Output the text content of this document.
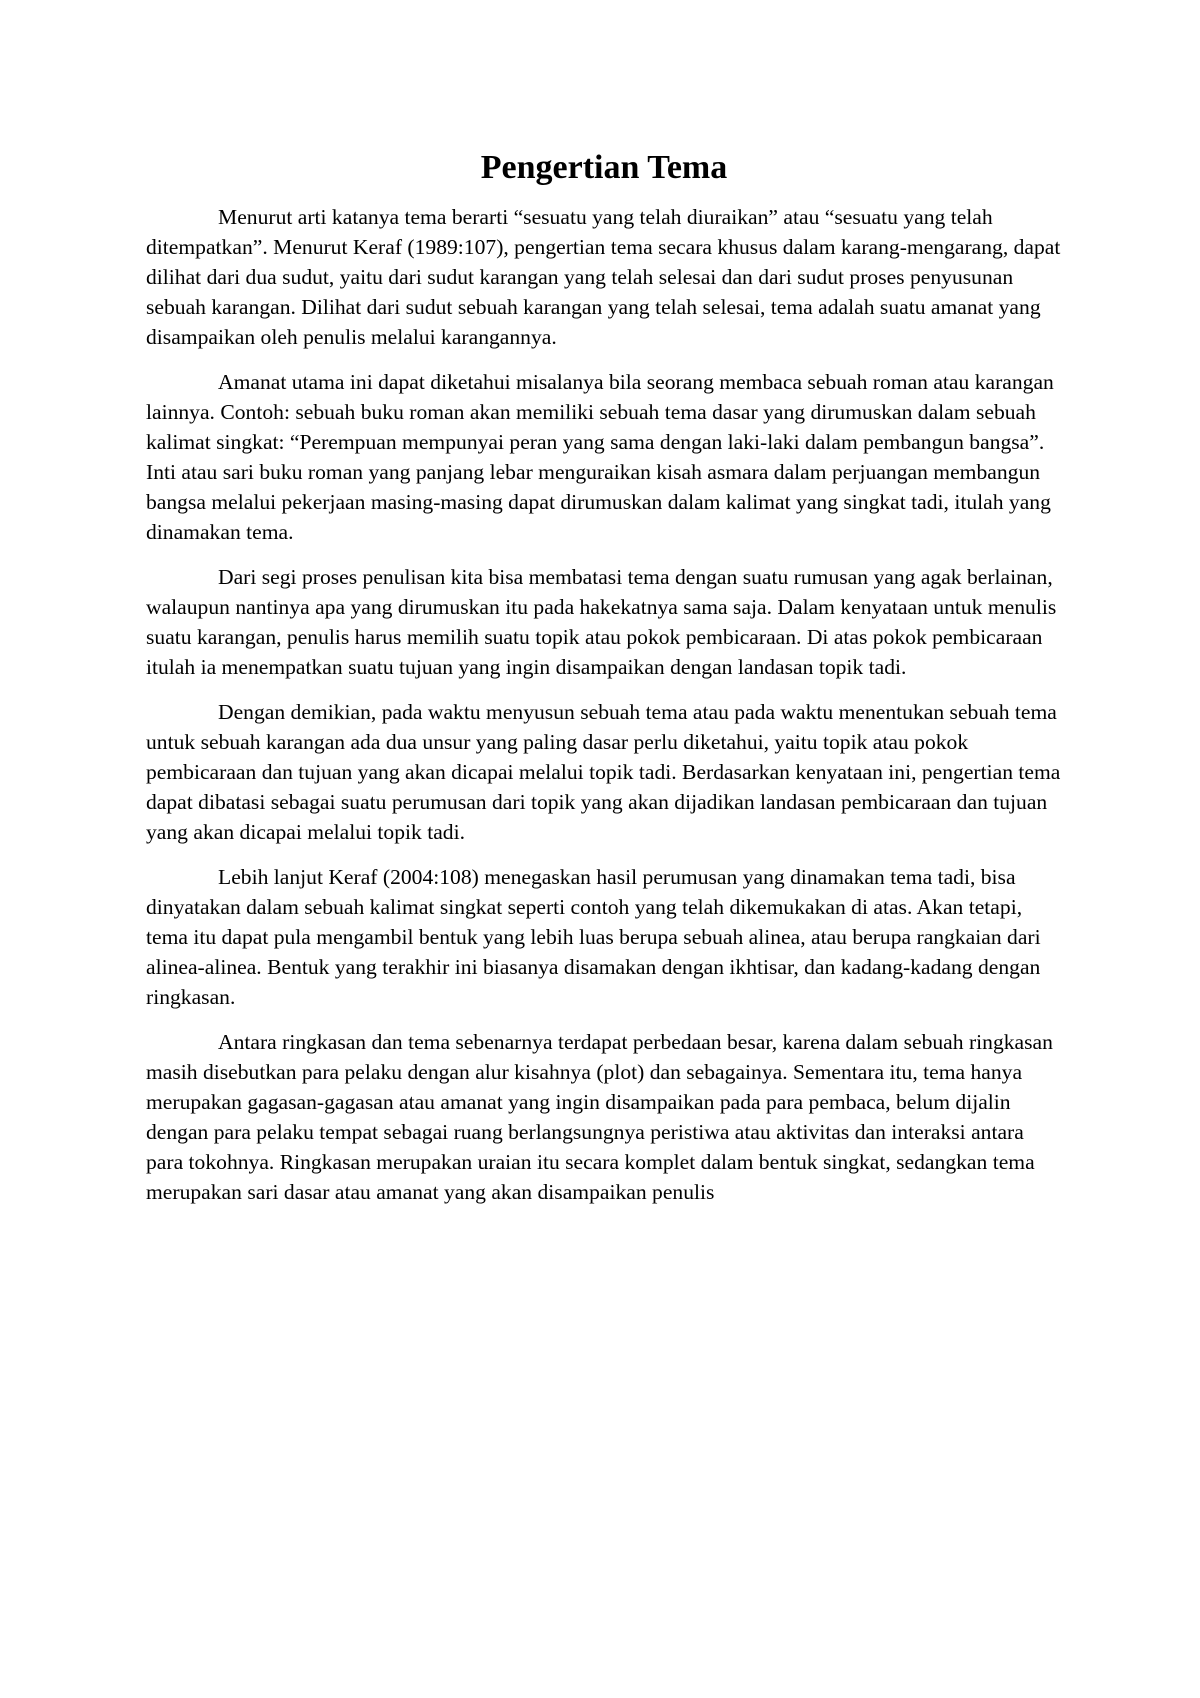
Pengertian Tema

Menurut arti katanya tema berarti “sesuatu yang telah diuraikan” atau “sesuatu yang telah ditempatkan”. Menurut Keraf (1989:107), pengertian tema secara khusus dalam karang-mengarang, dapat dilihat dari dua sudut, yaitu dari sudut karangan yang telah selesai dan dari sudut proses penyusunan sebuah karangan. Dilihat dari sudut sebuah karangan yang telah selesai, tema adalah suatu amanat yang disampaikan oleh penulis melalui karangannya.

Amanat utama ini dapat diketahui misalanya bila seorang membaca sebuah roman atau karangan lainnya. Contoh: sebuah buku roman akan memiliki sebuah tema dasar yang dirumuskan dalam sebuah kalimat singkat: “Perempuan mempunyai peran yang sama dengan laki-laki dalam pembangun bangsa”. Inti atau sari buku roman yang panjang lebar menguraikan kisah asmara dalam perjuangan membangun bangsa melalui pekerjaan masing-masing dapat dirumuskan dalam kalimat yang singkat tadi, itulah yang dinamakan tema.

Dari segi proses penulisan kita bisa membatasi tema dengan suatu rumusan yang agak berlainan, walaupun nantinya apa yang dirumuskan itu pada hakekatnya sama saja. Dalam kenyataan untuk menulis suatu karangan, penulis harus memilih suatu topik atau pokok pembicaraan. Di atas pokok pembicaraan itulah ia menempatkan suatu tujuan yang ingin disampaikan dengan landasan topik tadi.

Dengan demikian, pada waktu menyusun sebuah tema atau pada waktu menentukan sebuah tema untuk sebuah karangan ada dua unsur yang paling dasar perlu diketahui, yaitu topik atau pokok pembicaraan dan tujuan yang akan dicapai melalui topik tadi. Berdasarkan kenyataan ini, pengertian tema dapat dibatasi sebagai suatu perumusan dari topik yang akan dijadikan landasan pembicaraan dan tujuan yang akan dicapai melalui topik tadi.

Lebih lanjut Keraf (2004:108) menegaskan hasil perumusan yang dinamakan tema tadi, bisa dinyatakan dalam sebuah kalimat singkat seperti contoh yang telah dikemukakan di atas. Akan tetapi, tema itu dapat pula mengambil bentuk yang lebih luas berupa sebuah alinea, atau berupa rangkaian dari alinea-alinea. Bentuk yang terakhir ini biasanya disamakan dengan ikhtisar, dan kadang-kadang dengan ringkasan.

Antara ringkasan dan tema sebenarnya terdapat perbedaan besar, karena dalam sebuah ringkasan masih disebutkan para pelaku dengan alur kisahnya (plot) dan sebagainya. Sementara itu, tema hanya merupakan gagasan-gagasan atau amanat yang ingin disampaikan pada para pembaca, belum dijalin dengan para pelaku tempat sebagai ruang berlangsungnya peristiwa atau aktivitas dan interaksi antara para tokohnya. Ringkasan merupakan uraian itu secara komplet dalam bentuk singkat, sedangkan tema merupakan sari dasar atau amanat yang akan disampaikan penulis
